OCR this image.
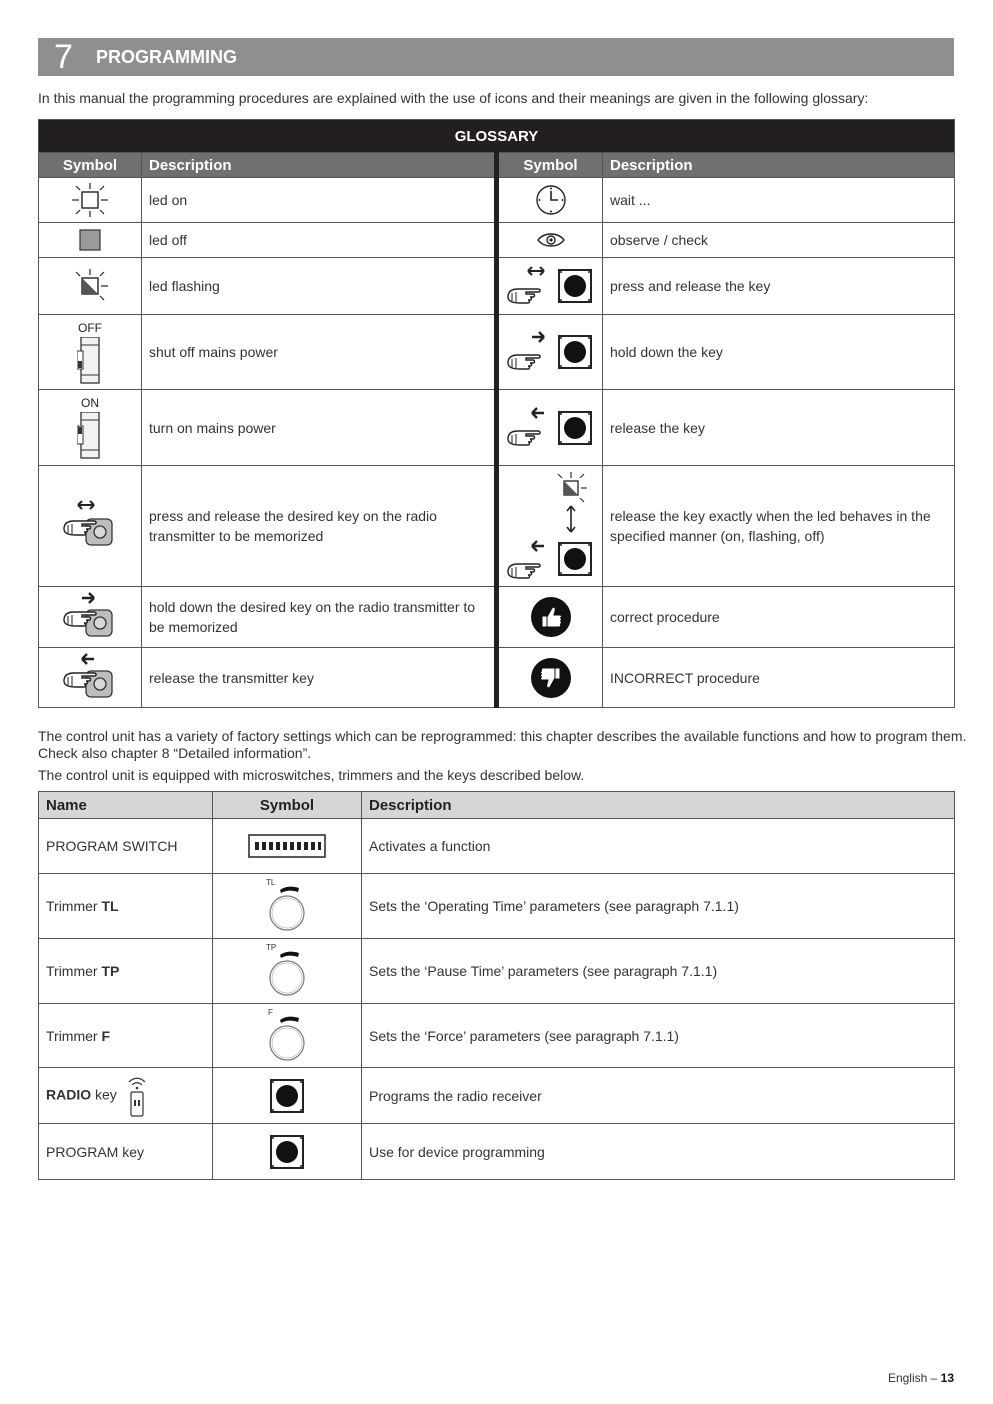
7 PROGRAMMING
In this manual the programming procedures are explained with the use of icons and their meanings are given in the following glossary:
GLOSSARY			
Symbol	Description	Symbol	Description

	led on		wait ...

	led off		observe / check

	led flashing		press and release the key

OFF	shut off mains power		hold down the key

ON	turn on mains power		release the key

	press and release the desired key on the radio transmitter to be memorized		release the key exactly when the led behaves in the specified manner (on, flashing, off)

	hold down the desired key on the radio transmitter to be memorized		correct procedure

	release the transmitter key		INCORRECT procedure
The control unit has a variety of factory settings which can be reprogrammed: this chapter describes the available functions and how to program them. Check also chapter 8 “Detailed information”.
The control unit is equipped with microswitches, trimmers and the keys described below.
Name	Symbol	Description
PROGRAM SWITCH		Activates a function
Trimmer TL	TL	Sets the ‘Operating Time’ parameters (see paragraph 7.1.1)
Trimmer TP	TP	Sets the ‘Pause Time’ parameters (see paragraph 7.1.1)
Trimmer F	F	Sets the ‘Force’ parameters (see paragraph 7.1.1)
RADIO key		Programs the radio receiver
PROGRAM key		Use for device programming
English – 13
